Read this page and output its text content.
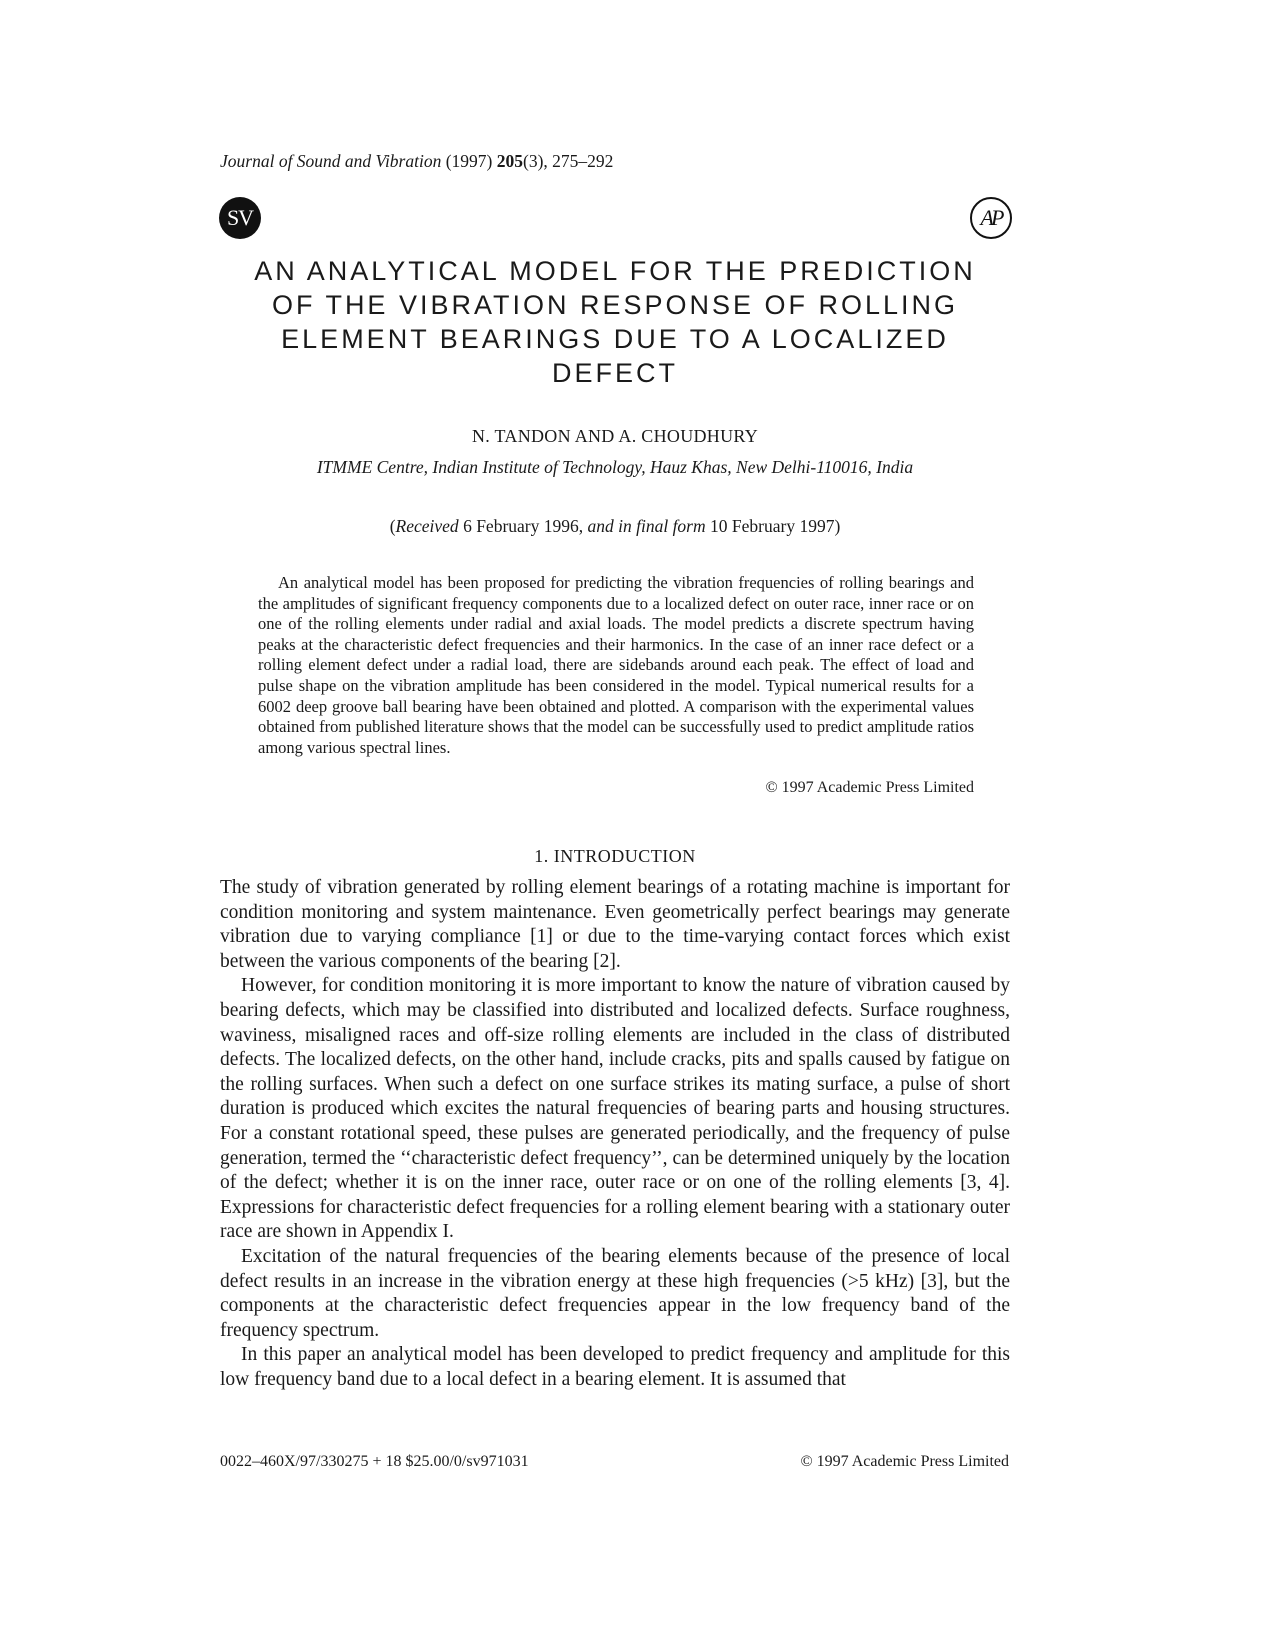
Journal of Sound and Vibration (1997) 205(3), 275–292
SV	AP
AN ANALYTICAL MODEL FOR THE PREDICTION
OF THE VIBRATION RESPONSE OF ROLLING
ELEMENT BEARINGS DUE TO A LOCALIZED
DEFECT
N. TANDON AND A. CHOUDHURY
ITMME Centre, Indian Institute of Technology, Hauz Khas, New Delhi-110016, India
(Received 6 February 1996, and in final form 10 February 1997)

An analytical model has been proposed for predicting the vibration frequencies of rolling bearings and the amplitudes of significant frequency components due to a localized defect on outer race, inner race or on one of the rolling elements under radial and axial loads. The model predicts a discrete spectrum having peaks at the characteristic defect frequencies and their harmonics. In the case of an inner race defect or a rolling element defect under a radial load, there are sidebands around each peak. The effect of load and pulse shape on the vibration amplitude has been considered in the model. Typical numerical results for a 6002 deep groove ball bearing have been obtained and plotted. A comparison with the experimental values obtained from published literature shows that the model can be successfully used to predict amplitude ratios among various spectral lines.

© 1997 Academic Press Limited
1. INTRODUCTION

The study of vibration generated by rolling element bearings of a rotating machine is important for condition monitoring and system maintenance. Even geometrically perfect bearings may generate vibration due to varying compliance [1] or due to the time-varying contact forces which exist between the various components of the bearing [2].

However, for condition monitoring it is more important to know the nature of vibration caused by bearing defects, which may be classified into distributed and localized defects. Surface roughness, waviness, misaligned races and off-size rolling elements are included in the class of distributed defects. The localized defects, on the other hand, include cracks, pits and spalls caused by fatigue on the rolling surfaces. When such a defect on one surface strikes its mating surface, a pulse of short duration is produced which excites the natural frequencies of bearing parts and housing structures. For a constant rotational speed, these pulses are generated periodically, and the frequency of pulse generation, termed the ‘‘characteristic defect frequency’’, can be determined uniquely by the location of the defect; whether it is on the inner race, outer race or on one of the rolling elements [3, 4]. Expressions for characteristic defect frequencies for a rolling element bearing with a stationary outer race are shown in Appendix I.

Excitation of the natural frequencies of the bearing elements because of the presence of local defect results in an increase in the vibration energy at these high frequencies (>5 kHz) [3], but the components at the characteristic defect frequencies appear in the low frequency band of the frequency spectrum.

In this paper an analytical model has been developed to predict frequency and amplitude for this low frequency band due to a local defect in a bearing element. It is assumed that

0022–460X/97/330275 + 18 $25.00/0/sv971031	© 1997 Academic Press Limited
